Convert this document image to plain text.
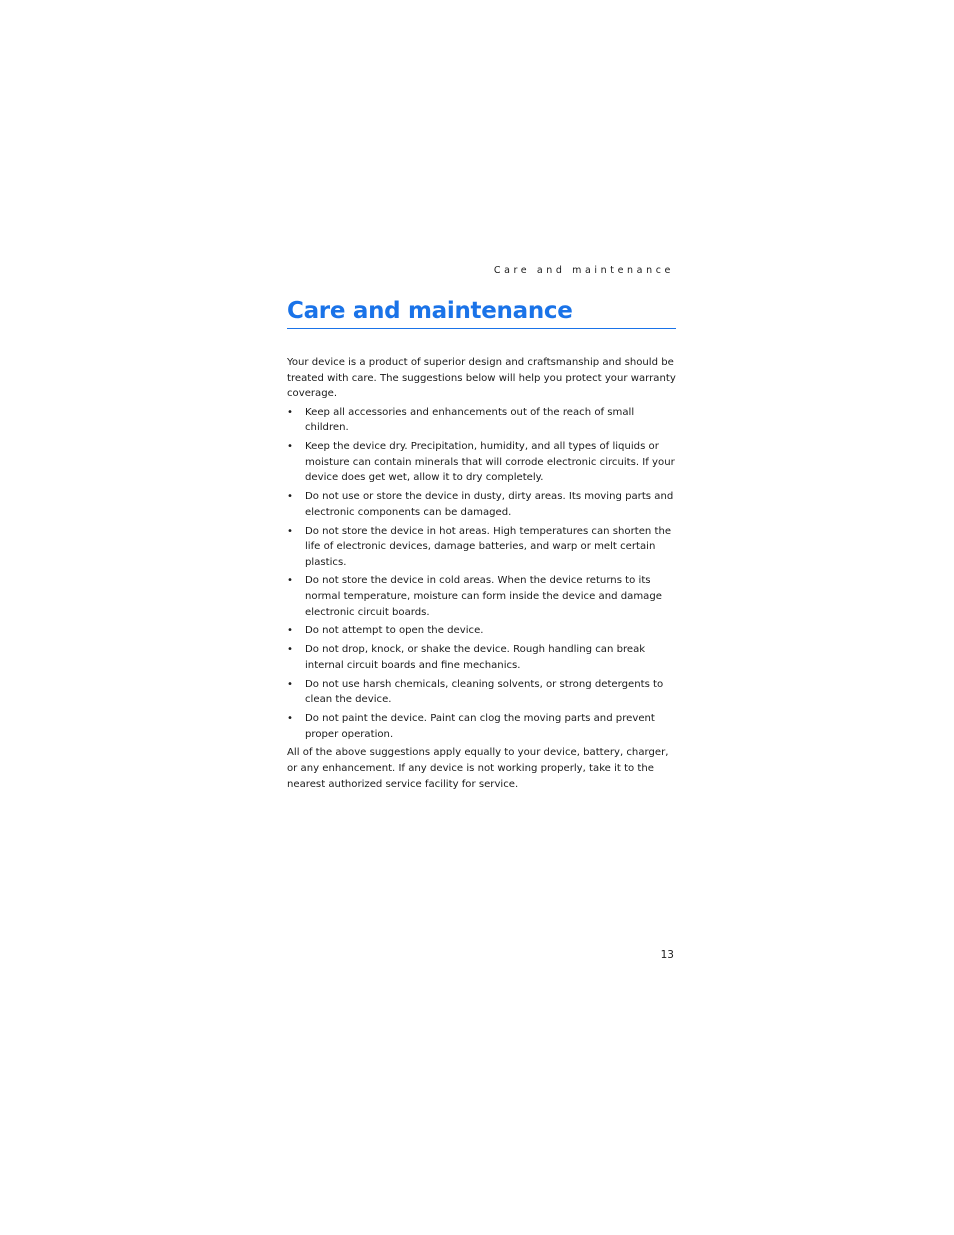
Care and maintenance
Care and maintenance

Your device is a product of superior design and craftsmanship and should be treated with care. The suggestions below will help you protect your warranty coverage.

• Keep all accessories and enhancements out of the reach of small children.
• Keep the device dry. Precipitation, humidity, and all types of liquids or moisture can contain minerals that will corrode electronic circuits. If your device does get wet, allow it to dry completely.
• Do not use or store the device in dusty, dirty areas. Its moving parts and electronic components can be damaged.
• Do not store the device in hot areas. High temperatures can shorten the life of electronic devices, damage batteries, and warp or melt certain plastics.
• Do not store the device in cold areas. When the device returns to its normal temperature, moisture can form inside the device and damage electronic circuit boards.
• Do not attempt to open the device.
• Do not drop, knock, or shake the device. Rough handling can break internal circuit boards and fine mechanics.
• Do not use harsh chemicals, cleaning solvents, or strong detergents to clean the device.
• Do not paint the device. Paint can clog the moving parts and prevent proper operation.

All of the above suggestions apply equally to your device, battery, charger, or any enhancement. If any device is not working properly, take it to the nearest authorized service facility for service.

13
